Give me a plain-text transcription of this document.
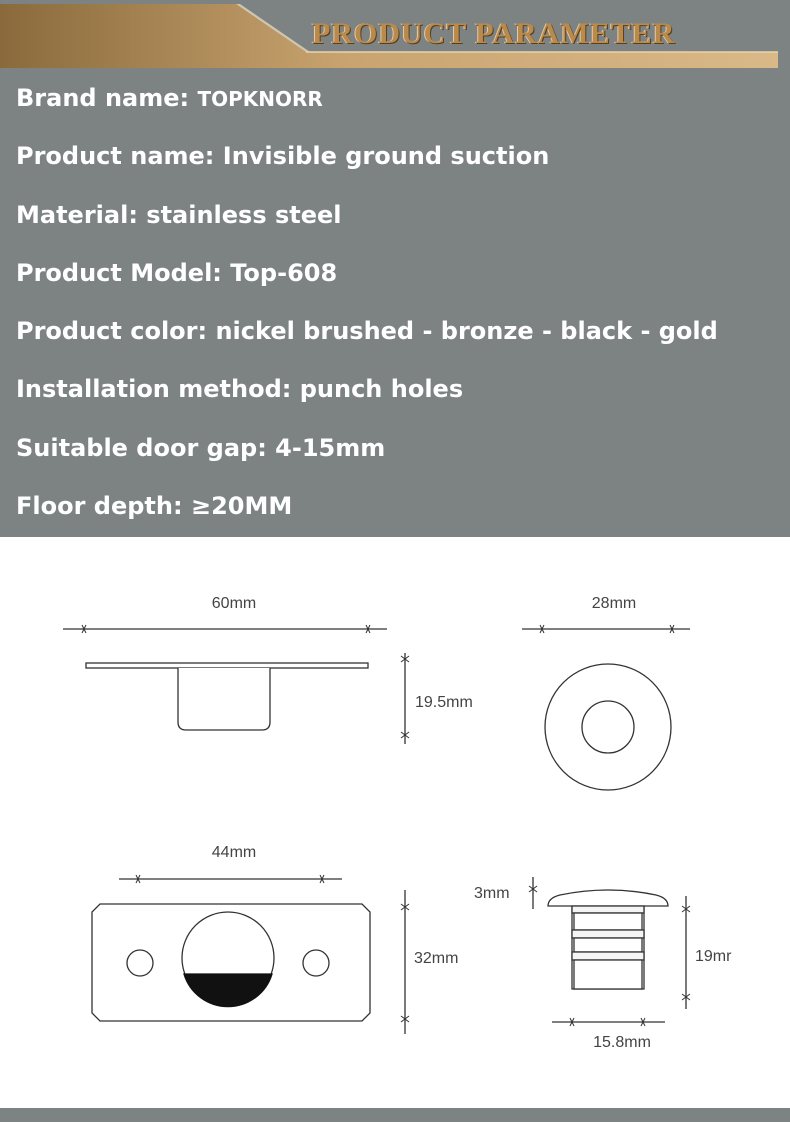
PRODUCT PARAMETER
Brand name: TOPKNORR
Product name: Invisible ground suction
Material: stainless steel
Product Model: Top-608
Product color: nickel brushed - bronze - black - gold
Installation method: punch holes
Suitable door gap: 4-15mm
Floor depth: ≥20MM
60mm
19.5mm
28mm
44mm
32mm
3mm
19mr
15.8mm
